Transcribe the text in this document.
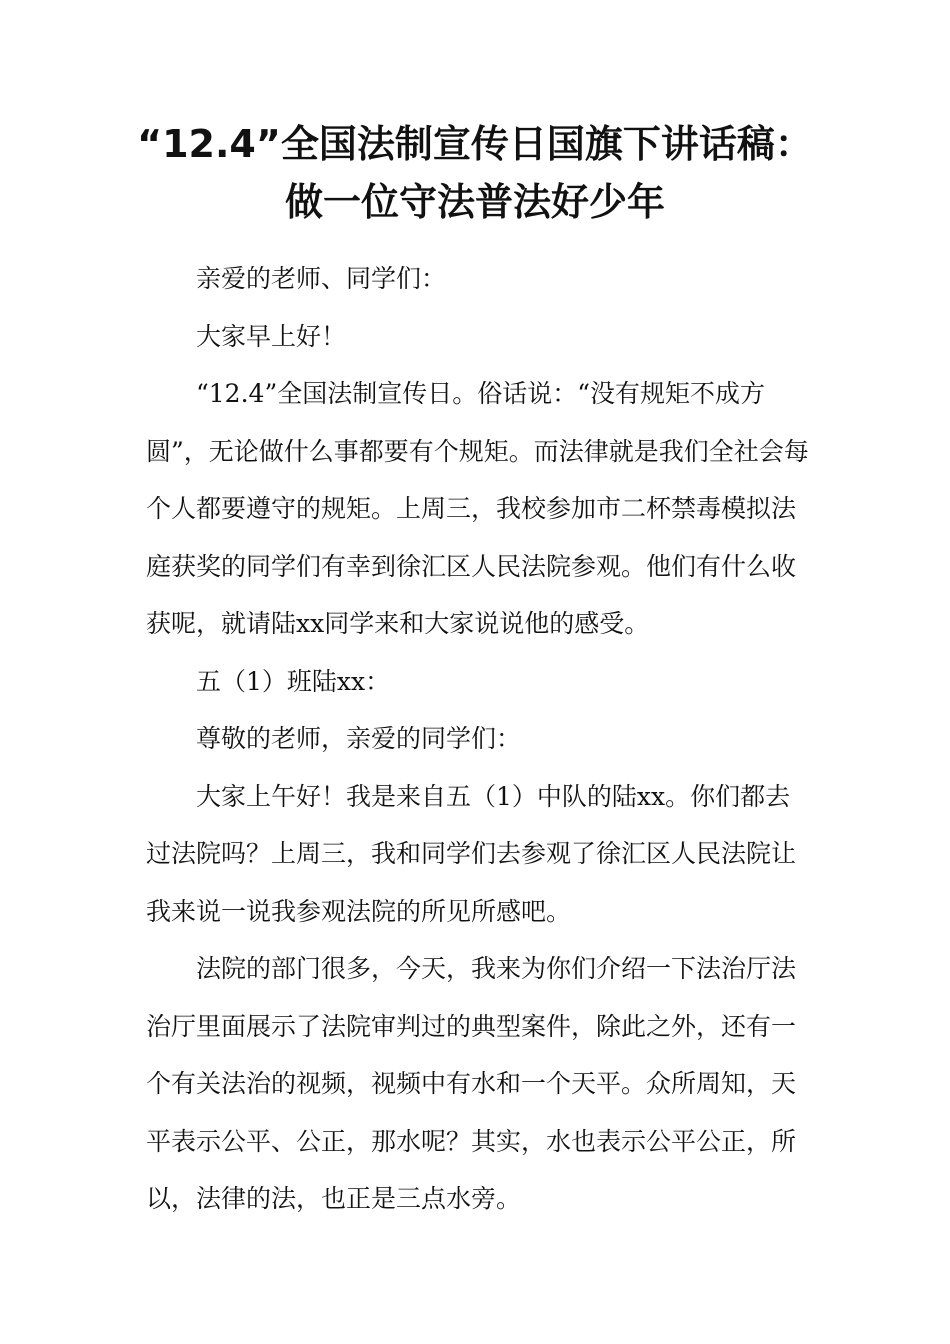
“12.4”全国法制宣传日国旗下讲话稿：
做一位守法普法好少年

亲爱的老师、同学们：

大家早上好！

“12.4”全国法制宣传日。俗话说：“没有规矩不成方圆”，无论做什么事都要有个规矩。而法律就是我们全社会每个人都要遵守的规矩。上周三，我校参加市二杯禁毒模拟法庭获奖的同学们有幸到徐汇区人民法院参观。他们有什么收获呢，就请陆xx同学来和大家说说他的感受。

五（1）班陆xx：

尊敬的老师，亲爱的同学们：

大家上午好！我是来自五（1）中队的陆xx。你们都去过法院吗？上周三，我和同学们去参观了徐汇区人民法院让我来说一说我参观法院的所见所感吧。

法院的部门很多，今天，我来为你们介绍一下法治厅法治厅里面展示了法院审判过的典型案件，除此之外，还有一个有关法治的视频，视频中有水和一个天平。众所周知，天平表示公平、公正，那水呢？其实，水也表示公平公正，所以，法律的法，也正是三点水旁。
